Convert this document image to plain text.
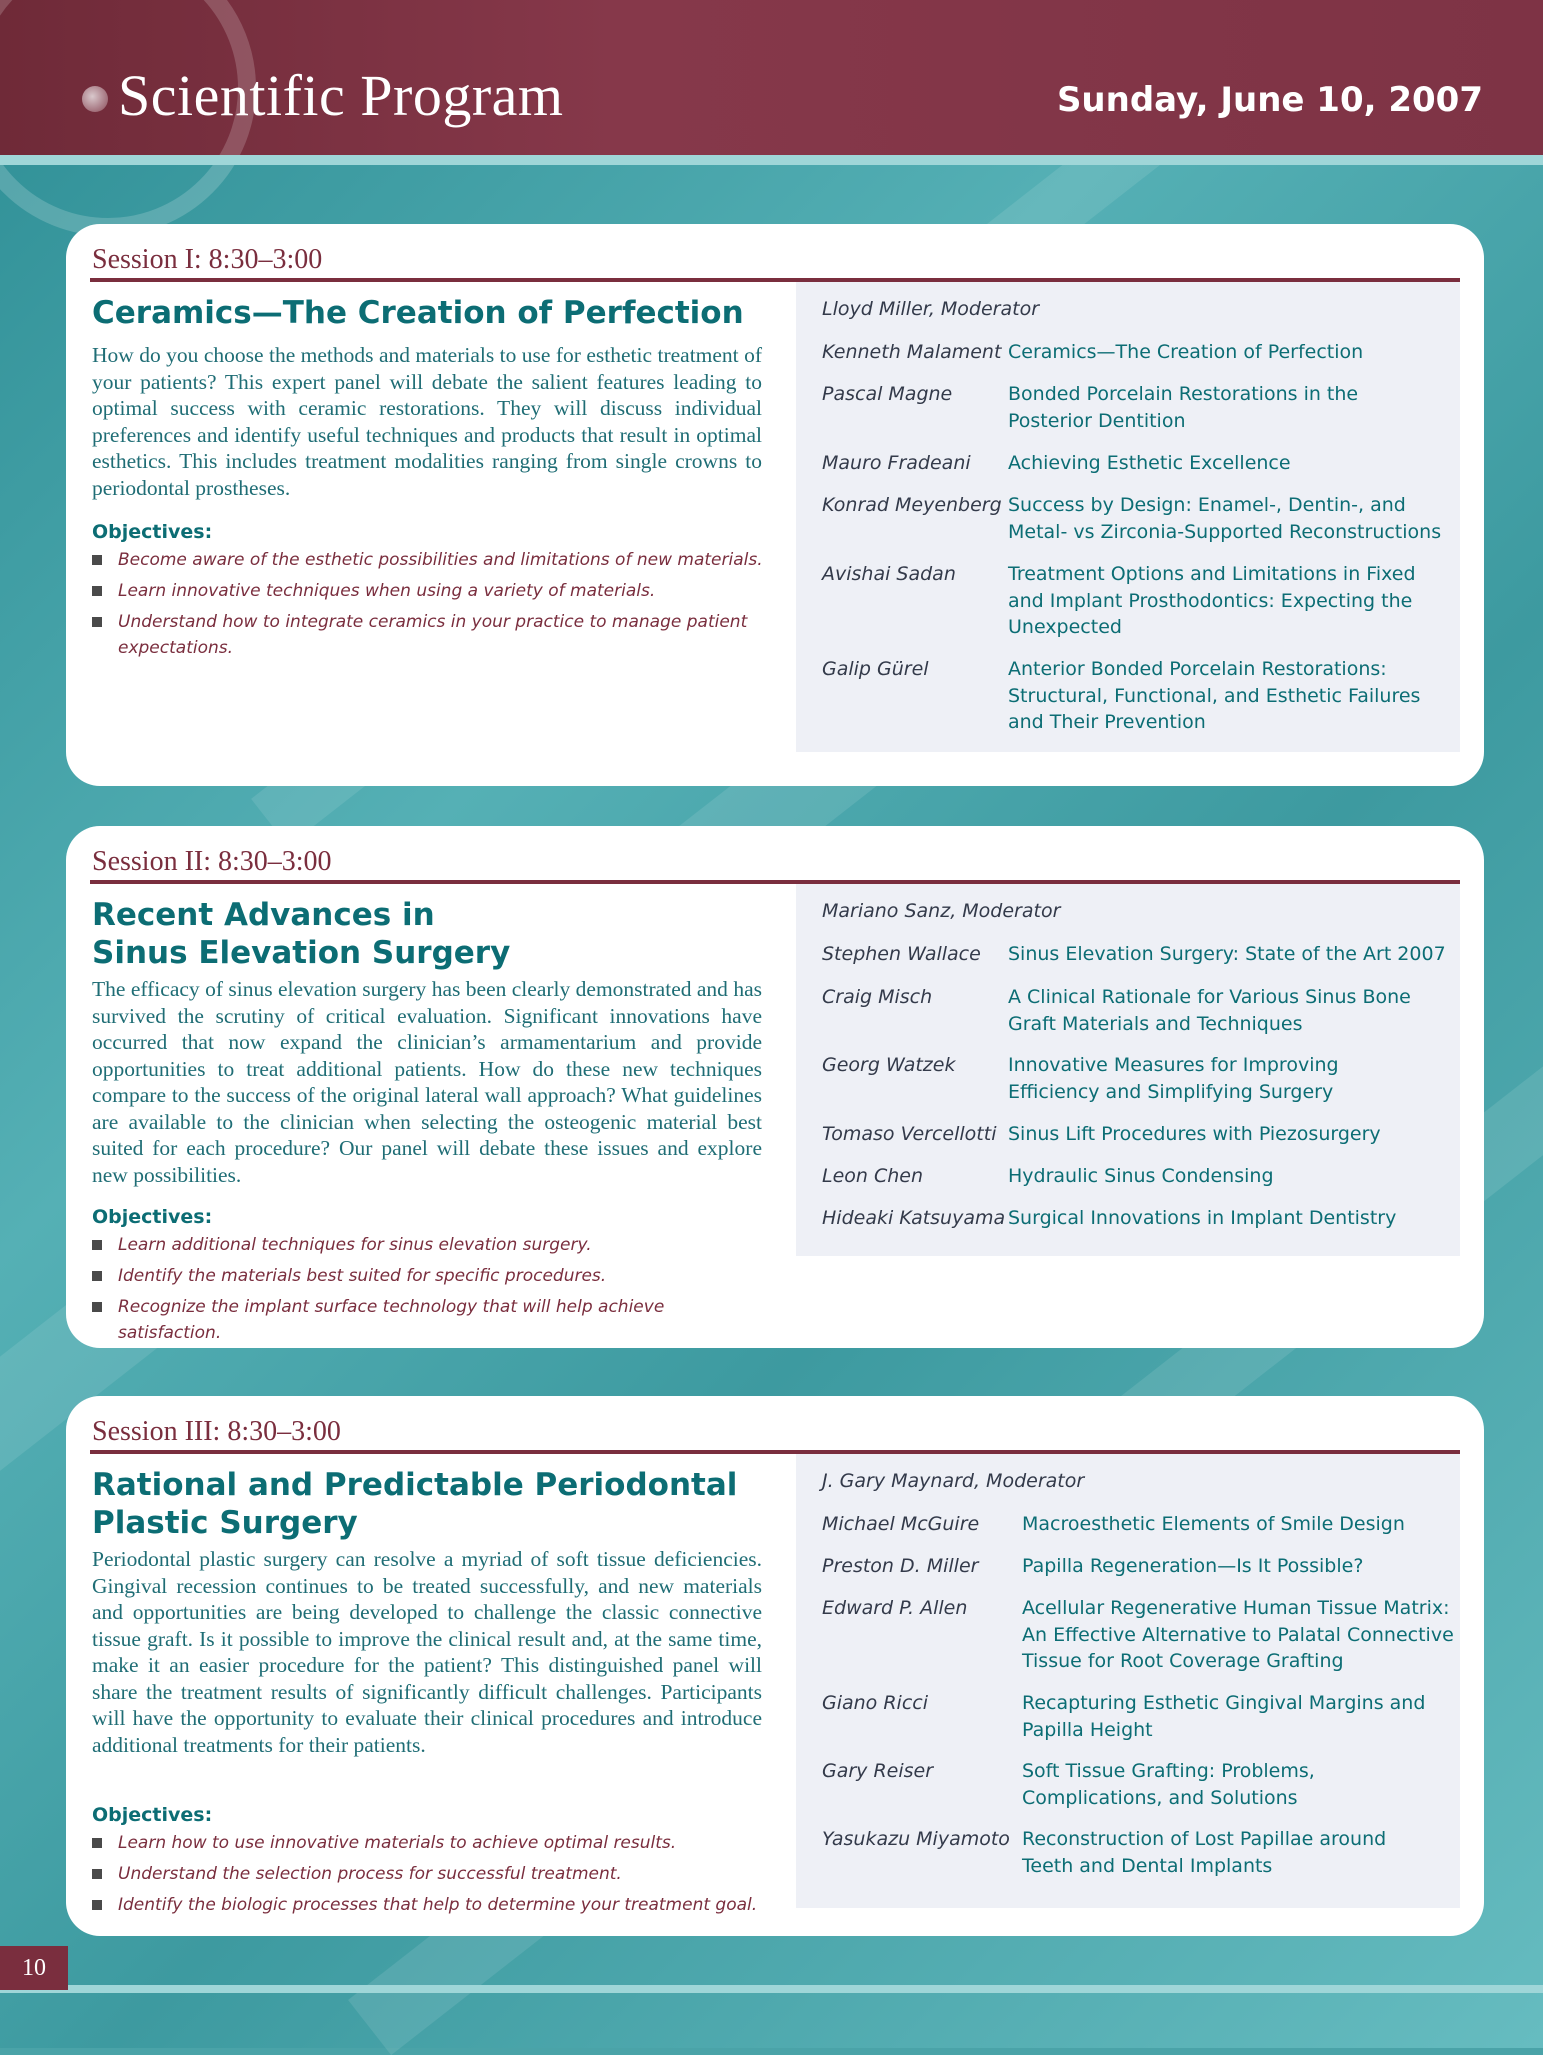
Scientific Program	Sunday, June 10, 2007
Session I: 8:30–3:00
Ceramics—The Creation of Perfection
How do you choose the methods and materials to use for esthetic treatment of your patients? This expert panel will debate the salient features leading to optimal success with ceramic restorations. They will discuss individual preferences and identify useful techniques and products that result in optimal esthetics. This includes treatment modalities ranging from single crowns to periodontal prostheses.
Objectives:
Become aware of the esthetic possibilities and limitations of new materials.
Learn innovative techniques when using a variety of materials.
Understand how to integrate ceramics in your practice to manage patient expectations.
Lloyd Miller, Moderator
Kenneth Malament Ceramics—The Creation of Perfection
Pascal Magne	Bonded Porcelain Restorations in the Posterior Dentition
Mauro Fradeani Achieving Esthetic Excellence
Konrad Meyenberg Success by Design: Enamel-, Dentin-, and Metal- vs Zirconia-Supported Reconstructions
Avishai Sadan	Treatment Options and Limitations in Fixed and Implant Prosthodontics: Expecting the Unexpected
Galip Gürel	Anterior Bonded Porcelain Restorations: Structural, Functional, and Esthetic Failures and Their Prevention
Session II: 8:30–3:00
Recent Advances in
Sinus Elevation Surgery
The efficacy of sinus elevation surgery has been clearly demonstrated and has survived the scrutiny of critical evaluation. Significant innovations have occurred that now expand the clinician’s armamentarium and provide opportunities to treat additional patients. How do these new techniques compare to the success of the original lateral wall approach? What guidelines are available to the clinician when selecting the osteogenic material best suited for each procedure? Our panel will debate these issues and explore new possibilities.
Objectives:
Learn additional techniques for sinus elevation surgery.
Identify the materials best suited for specific procedures.
Recognize the implant surface technology that will help achieve satisfaction.
Mariano Sanz, Moderator
Stephen Wallace Sinus Elevation Surgery: State of the Art 2007
Craig Misch	A Clinical Rationale for Various Sinus Bone Graft Materials and Techniques
Georg Watzek	Innovative Measures for Improving Efficiency and Simplifying Surgery
Tomaso Vercellotti Sinus Lift Procedures with Piezosurgery
Leon Chen	Hydraulic Sinus Condensing
Hideaki Katsuyama Surgical Innovations in Implant Dentistry
Session III: 8:30–3:00
Rational and Predictable Periodontal
Plastic Surgery
Periodontal plastic surgery can resolve a myriad of soft tissue deficiencies. Gingival recession continues to be treated successfully, and new materials and opportunities are being developed to challenge the classic connective tissue graft. Is it possible to improve the clinical result and, at the same time, make it an easier procedure for the patient? This distinguished panel will share the treatment results of significantly difficult challenges. Participants will have the opportunity to evaluate their clinical procedures and introduce additional treatments for their patients.
Objectives:
Learn how to use innovative materials to achieve optimal results.
Understand the selection process for successful treatment.
Identify the biologic processes that help to determine your treatment goal.
J. Gary Maynard, Moderator
Michael McGuire Macroesthetic Elements of Smile Design
Preston D. Miller Papilla Regeneration—Is It Possible?
Edward P. Allen	Acellular Regenerative Human Tissue Matrix: An Effective Alternative to Palatal Connective Tissue for Root Coverage Grafting
Giano Ricci	Recapturing Esthetic Gingival Margins and Papilla Height
Gary Reiser	Soft Tissue Grafting: Problems, Complications, and Solutions
Yasukazu Miyamoto Reconstruction of Lost Papillae around Teeth and Dental Implants
10
